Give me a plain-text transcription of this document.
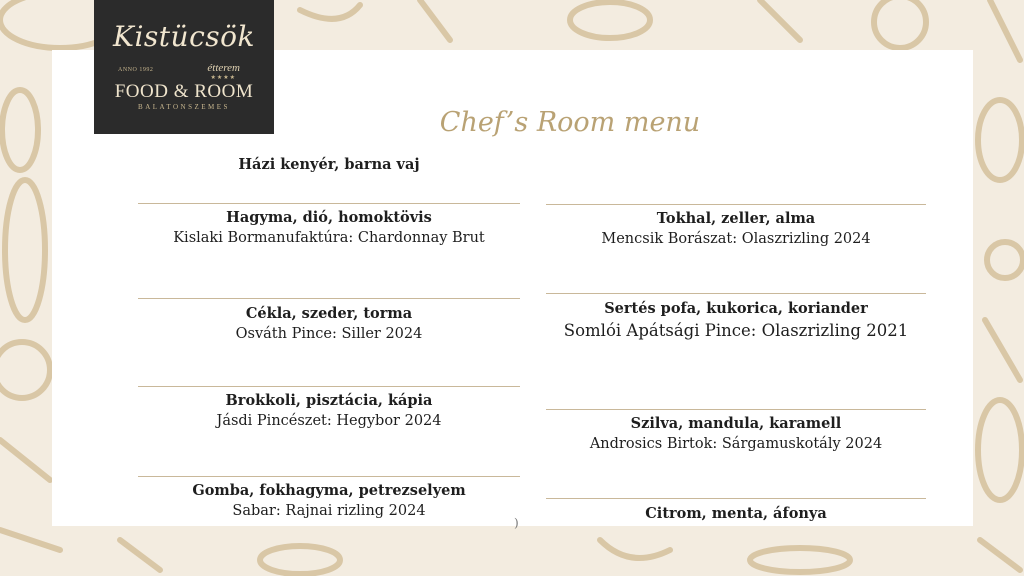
Kistücsök
ANNO 1992	étterem
★★★★
FOOD & ROOM
BALATONSZEMES	Chef’s Room menu
Házi kenyér, barna vaj
Hagyma, dió, homoktövis
Kislaki Bormanufaktúra: Chardonnay Brut
Cékla, szeder, torma
Osváth Pince: Siller 2024
Brokkoli, pisztácia, kápia
Jásdi Pincészet: Hegybor 2024
Gomba, fokhagyma, petrezselyem
Sabar: Rajnai rizling 2024
Tokhal, zeller, alma
Mencsik Borászat: Olaszrizling 2024
Sertés pofa, kukorica, koriander
Somlói Apátsági Pince: Olaszrizling 2021
Szilva, mandula, karamell
Androsics Birtok: Sárgamuskotály 2024
Citrom, menta, áfonya
)
